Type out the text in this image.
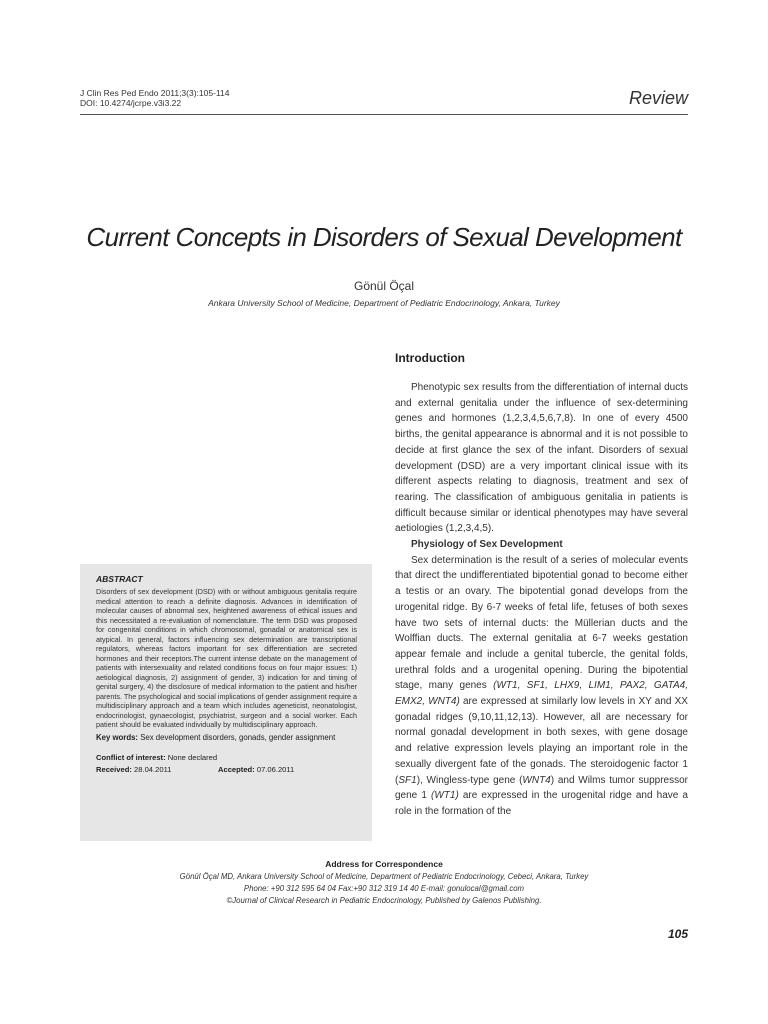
J Clin Res Ped Endo 2011;3(3):105-114
DOI: 10.4274/jcrpe.v3i3.22	Review
Current Concepts in Disorders of Sexual Development
Gönül Öçal
Ankara University School of Medicine, Department of Pediatric Endocrinology, Ankara, Turkey
ABSTRACT
Disorders of sex development (DSD) with or without ambiguous genitalia require medical attention to reach a definite diagnosis. Advances in identification of molecular causes of abnormal sex, heightened awareness of ethical issues and this necessitated a re-evaluation of nomenclature. The term DSD was proposed for congenital conditions in which chromosomal, gonadal or anatomical sex is atypical. In general, factors influencing sex determination are transcriptional regulators, whereas factors important for sex differentiation are secreted hormones and their receptors.The current intense debate on the management of patients with intersexuality and related conditions focus on four major issues: 1) aetiological diagnosis, 2) assignment of gender, 3) indication for and timing of genital surgery, 4) the disclosure of medical information to the patient and his/her parents. The psychological and social implications of gender assignment require a multidisciplinary approach and a team which includes ageneticist, neonatologist, endocrinologist, gynaecologist, psychiatrist, surgeon and a social worker. Each patient should be evaluated individually by multidisciplinary approach.
Key words: Sex development disorders, gonads, gender assignment
Conflict of interest: None declared
Received: 28.04.2011	Accepted: 07.06.2011
Introduction

Phenotypic sex results from the differentiation of internal ducts and external genitalia under the influence of sex-determining genes and hormones (1,2,3,4,5,6,7,8). In one of every 4500 births, the genital appearance is abnormal and it is not possible to decide at first glance the sex of the infant. Disorders of sexual development (DSD) are a very important clinical issue with its different aspects relating to diagnosis, treatment and sex of rearing. The classification of ambiguous genitalia in patients is difficult because similar or identical phenotypes may have several aetiologies (1,2,3,4,5).

Physiology of Sex Development

Sex determination is the result of a series of molecular events that direct the undifferentiated bipotential gonad to become either a testis or an ovary. The bipotential gonad develops from the urogenital ridge. By 6-7 weeks of fetal life, fetuses of both sexes have two sets of internal ducts: the Müllerian ducts and the Wolffian ducts. The external genitalia at 6-7 weeks gestation appear female and include a genital tubercle, the genital folds, urethral folds and a urogenital opening. During the bipotential stage, many genes (WT1, SF1, LHX9, LIM1, PAX2, GATA4, EMX2, WNT4) are expressed at similarly low levels in XY and XX gonadal ridges (9,10,11,12,13). However, all are necessary for normal gonadal development in both sexes, with gene dosage and relative expression levels playing an important role in the sexually divergent fate of the gonads. The steroidogenic factor 1 (SF1), Wingless-type gene (WNT4) and Wilms tumor suppressor gene 1 (WT1) are expressed in the urogenital ridge and have a role in the formation of the

Address for Correspondence
Gönül Öçal MD, Ankara University School of Medicine, Department of Pediatric Endocrinology, Cebeci, Ankara, Turkey
Phone: +90 312 595 64 04 Fax:+90 312 319 14 40 E-mail: gonulocal@gmail.com
©Journal of Clinical Research in Pediatric Endocrinology, Published by Galenos Publishing.
105
